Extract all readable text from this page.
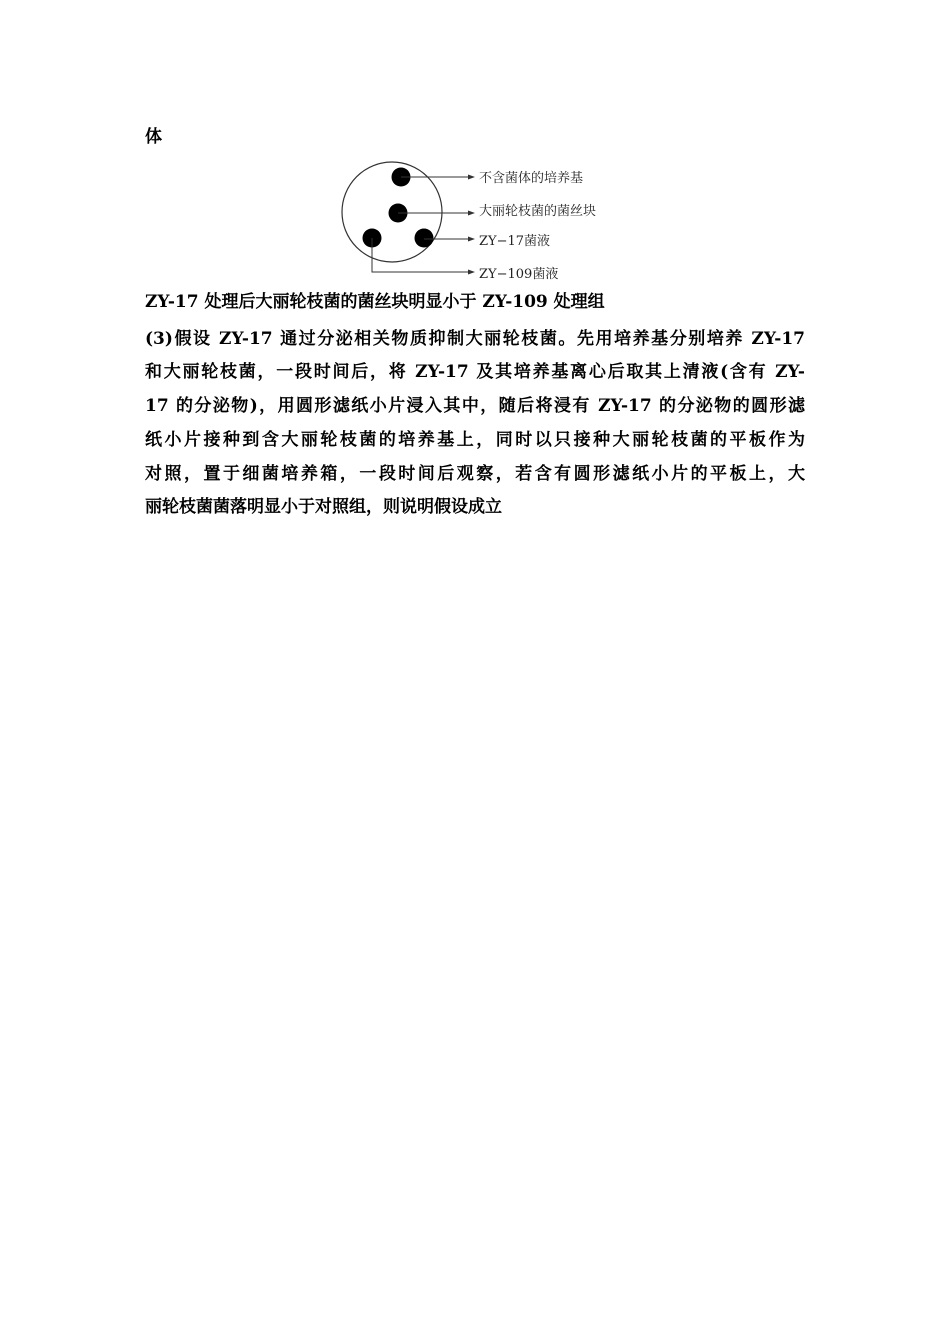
体
不含菌体的培养基
大丽轮枝菌的菌丝块
ZY−17菌液
ZY−109菌液
ZY-17 处理后大丽轮枝菌的菌丝块明显小于 ZY-109 处理组
(3)假设 ZY-17 通过分泌相关物质抑制大丽轮枝菌。先用培养基分别培养 ZY-17
和大丽轮枝菌，一段时间后，将 ZY-17 及其培养基离心后取其上清液(含有 ZY-
17 的分泌物)，用圆形滤纸小片浸入其中，随后将浸有 ZY-17 的分泌物的圆形滤
纸小片接种到含大丽轮枝菌的培养基上，同时以只接种大丽轮枝菌的平板作为
对照，置于细菌培养箱，一段时间后观察，若含有圆形滤纸小片的平板上，大
丽轮枝菌菌落明显小于对照组，则说明假设成立
